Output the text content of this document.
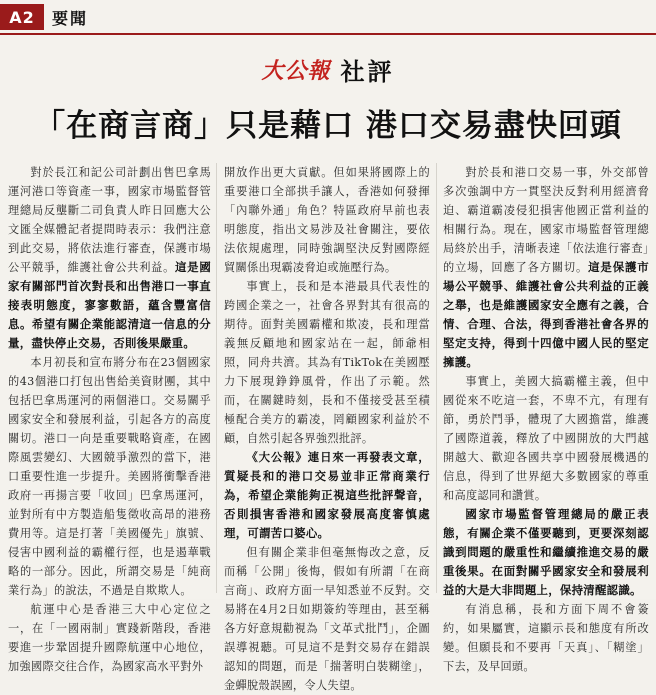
A2	要聞
大公報 社評
「在商言商」只是藉口 港口交易盡快回頭

對於長江和記公司計劃出售巴拿馬運河港口等資產一事，國家市場監督管理總局反壟斷二司負責人昨日回應大公文匯全媒體記者提問時表示：我們注意到此交易，將依法進行審查，保護市場公平競爭，維護社會公共利益。這是國家有關部門首次對長和出售港口一事直接表明態度，寥寥數語，蘊含豐富信息。希望有關企業能認清這一信息的分量，盡快停止交易，否則後果嚴重。

本月初長和宣布將分布在23個國家的43個港口打包出售給美資財團，其中包括巴拿馬運河的兩個港口。交易關乎國家安全和發展利益，引起各方的高度關切。港口一向是重要戰略資產，在國際風雲變幻、大國競爭激烈的當下，港口重要性進一步提升。美國將衝擊香港政府一再揚言要「收回」巴拿馬運河，並對所有中方製造船隻徵收高昂的港務費用等。這是打著「美國優先」旗號、侵害中國利益的霸權行徑，也是遏華戰略的一部分。因此，所謂交易是「純商業行為」的說法，不過是自欺欺人。

航運中心是香港三大中心定位之一，在「一國兩制」實踐新階段，香港要進一步鞏固提升國際航運中心地位，加強國際交往合作，為國家高水平對外

開放作出更大貢獻。但如果將國際上的重要港口全部拱手讓人，香港如何發揮「內聯外通」角色？特區政府早前也表明態度，指出文易涉及社會關注，要依法依規處理，同時強調堅決反對國際經貿關係出現霸凌脅迫或施壓行為。

事實上，長和是本港最具代表性的跨國企業之一，社會各界對其有很高的期待。面對美國霸權和欺凌，長和理當義無反顧地和國家站在一起，師爺相照，同舟共濟。其為有TikTok在美國壓力下展現錚錚風骨，作出了示範。然而，在關鍵時刻，長和不僅接受甚至積極配合美方的霸凌，罔顧國家利益於不顧，自然引起各界強烈批評。

《大公報》連日來一再發表文章，質疑長和的港口交易並非正常商業行為，希望企業能夠正視這些批評聲音，否則損害香港和國家發展高度審慎處理，可謂苦口婆心。

但有關企業非但毫無悔改之意，反而稱「公開」後悔，假如有所謂「在商言商」、政府方面一早知悉並不反對。交易將在4月2日如期簽約等理由，甚至稱各方好意規勸視為「文革式批鬥」，企圖誤導視聽。可見這不是對交易存在錯誤認知的問題，而是「揣著明白裝糊塗」，金蟬脫殼誤國，令人失望。

對於長和港口交易一事，外交部曾多次強調中方一貫堅決反對利用經濟脅迫、霸道霸凌侵犯損害他國正當利益的相關行為。現在，國家市場監督管理總局終於出手，清晰表達「依法進行審查」的立場，回應了各方關切。這是保護市場公平競爭、維護社會公共利益的正義之舉，也是維護國家安全應有之義，合情、合理、合法，得到香港社會各界的堅定支持，得到十四億中國人民的堅定擁護。

事實上，美國大搞霸權主義，但中國從來不吃這一套，不卑不亢，有理有節，勇於鬥爭，體現了大國擔當，維護了國際道義，釋放了中國開放的大門越開越大、歡迎各國共享中國發展機遇的信息，得到了世界絕大多數國家的尊重和高度認同和讚賞。

國家市場監督管理總局的嚴正表態，有關企業不僅要聽到，更要深刻認識到問題的嚴重性和繼續推進交易的嚴重後果。在面對關乎國家安全和發展利益的大是大非問題上，保持清醒認識。

有消息稱，長和方面下周不會簽約，如果屬實，這顯示長和態度有所改變。但願長和不要再「天真」、「糊塗」下去，及早回頭。
